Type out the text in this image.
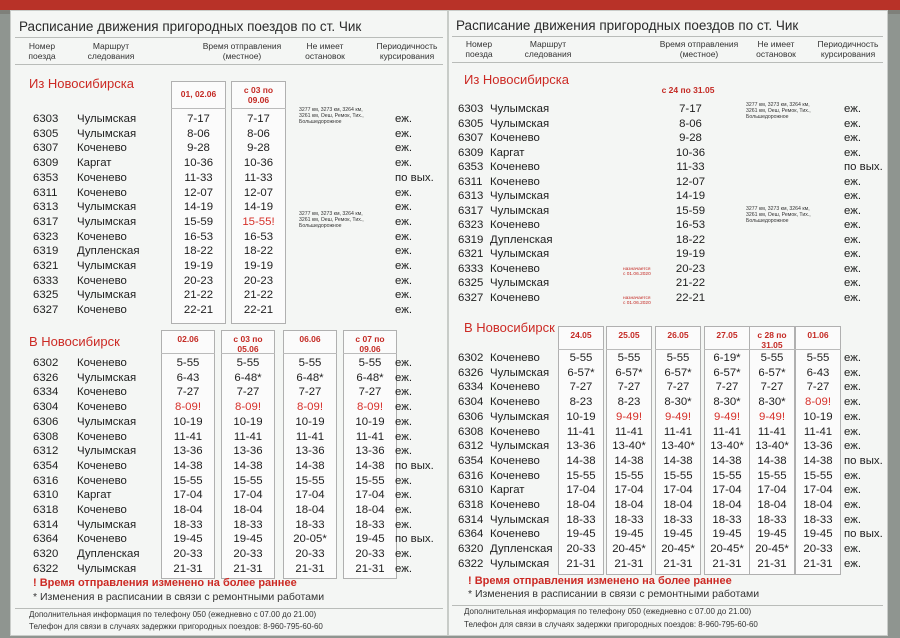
Расписание движения пригородных поездов по ст. Чик
Номер
поезда
Маршрут
следования
Время отправления
(местное)
Не имеет
остановок
Периодичность
курсирования
Из Новосибирска
01, 02.06	с 03 по
09.06
3277 км, 3273 км, 3264 км,
3261 км, Оеш, Ремок, Тих.,
Большедорожное
3277 км, 3273 км, 3264 км,
3261 км, Оеш, Ремок, Тих.,
Большедорожное
6303 Чулымская	7-17	7-17	еж.
6305 Чулымская	8-06	8-06	еж.
6307 Коченево	9-28	9-28	еж.
6309 Каргат	10-36	10-36	еж.
6353 Коченево	11-33	11-33	по вых.
6311 Коченево	12-07	12-07	еж.
6313 Чулымская	14-19	14-19	еж.
6317 Чулымская	15-59	15-55!	еж.
6323 Коченево	16-53	16-53	еж.
6319 Дупленская	18-22	18-22	еж.
6321 Чулымская	19-19	19-19	еж.
6333 Коченево	20-23	20-23	еж.
6325 Чулымская	21-22	21-22	еж.
6327 Коченево	22-21	22-21	еж.
В Новосибирск	02.06	с 03 по
05.06
06.06	с 07 по
09.06
6302 Коченево	5-55	5-55	5-55	5-55	еж.
6326 Чулымская	6-43	6-48*	6-48*	6-48* еж.
6334 Коченево	7-27	7-27	7-27	7-27	еж.
6304 Коченево	8-09!	8-09!	8-09!	8-09!	еж.
6306 Чулымская	10-19	10-19	10-19	10-19 еж.
6308 Коченево	11-41	11-41	11-41	11-41 еж.
6312 Чулымская	13-36	13-36	13-36	13-36 еж.
6354 Коченево	14-38	14-38	14-38	14-38 по вых.
6316 Коченево	15-55	15-55	15-55	15-55 еж.
6310 Каргат	17-04	17-04	17-04	17-04 еж.
6318 Коченево	18-04	18-04	18-04	18-04 еж.
6314 Чулымская	18-33	18-33	18-33	18-33 еж.
6364 Коченево	19-45	19-45	20-05*	19-45 по вых.
6320 Дупленская	20-33	20-33	20-33	20-33 еж.
6322 Чулымская	21-31	21-31	21-31	21-31 еж.
! Время отправления изменено на более раннее
* Изменения в расписании в связи с ремонтными работами
Дополнительная информация по телефону 050 (ежедневно с 07.00 до 21.00)
Телефон для связи в случаях задержки пригородных поездов: 8-960-795-60-60
Расписание движения пригородных поездов по ст. Чик
Номер
поезда
Маршрут
следования
Время отправления
(местное)
Не имеет
остановок
Периодичность
курсирования
Из Новосибирска
с 24 по 31.05
3277 км, 3273 км, 3264 км,
3261 км, Оеш, Ремок, Тих.,
Большедорожное
3277 км, 3273 км, 3264 км,
3261 км, Оеш, Ремок, Тих.,
Большедорожное
назначается
с 01.06.2020
назначается
с 01.06.2020
6303 Чулымская	7-17	еж.
6305 Чулымская	8-06	еж.
6307 Коченево	9-28	еж.
6309 Каргат	10-36	еж.
6353 Коченево	11-33	по вых.
6311 Коченево	12-07	еж.
6313 Чулымская	14-19	еж.
6317 Чулымская	15-59	еж.
6323 Коченево	16-53	еж.
6319 Дупленская	18-22	еж.
6321 Чулымская	19-19	еж.
6333 Коченево	20-23	еж.
6325 Чулымская	21-22	еж.
6327 Коченево	22-21	еж.
В Новосибирск	24.05	25.05	26.05	27.05	с 28 по
31.05
01.06
6302 Коченево	5-55	5-55	5-55	6-19*	5-55	5-55	еж.
6326 Чулымская	6-57*	6-57*	6-57*	6-57*	6-57*	6-43	еж.
6334 Коченево	7-27	7-27	7-27	7-27	7-27	7-27	еж.
6304 Коченево	8-23	8-23	8-30*	8-30*	8-30*	8-09!	еж.
6306 Чулымская	10-19	9-49!	9-49!	9-49!	9-49!	10-19	еж.
6308 Коченево	11-41	11-41	11-41	11-41	11-41	11-41	еж.
6312 Чулымская	13-36	13-40*	13-40*	13-40*	13-40*	13-36	еж.
6354 Коченево	14-38	14-38	14-38	14-38	14-38	14-38	по вых.
6316 Коченево	15-55	15-55	15-55	15-55	15-55	15-55	еж.
6310 Каргат	17-04	17-04	17-04	17-04	17-04	17-04	еж.
6318 Коченево	18-04	18-04	18-04	18-04	18-04	18-04	еж.
6314 Чулымская	18-33	18-33	18-33	18-33	18-33	18-33	еж.
6364 Коченево	19-45	19-45	19-45	19-45	19-45	19-45	по вых.
6320 Дупленская	20-33	20-45*	20-45*	20-45*	20-45*	20-33	еж.
6322 Чулымская	21-31	21-31	21-31	21-31	21-31	21-31	еж.
! Время отправления изменено на более раннее
* Изменения в расписании в связи с ремонтными работами
Дополнительная информация по телефону 050 (ежедневно с 07.00 до 21.00)
Телефон для связи в случаях задержки пригородных поездов: 8-960-795-60-60
